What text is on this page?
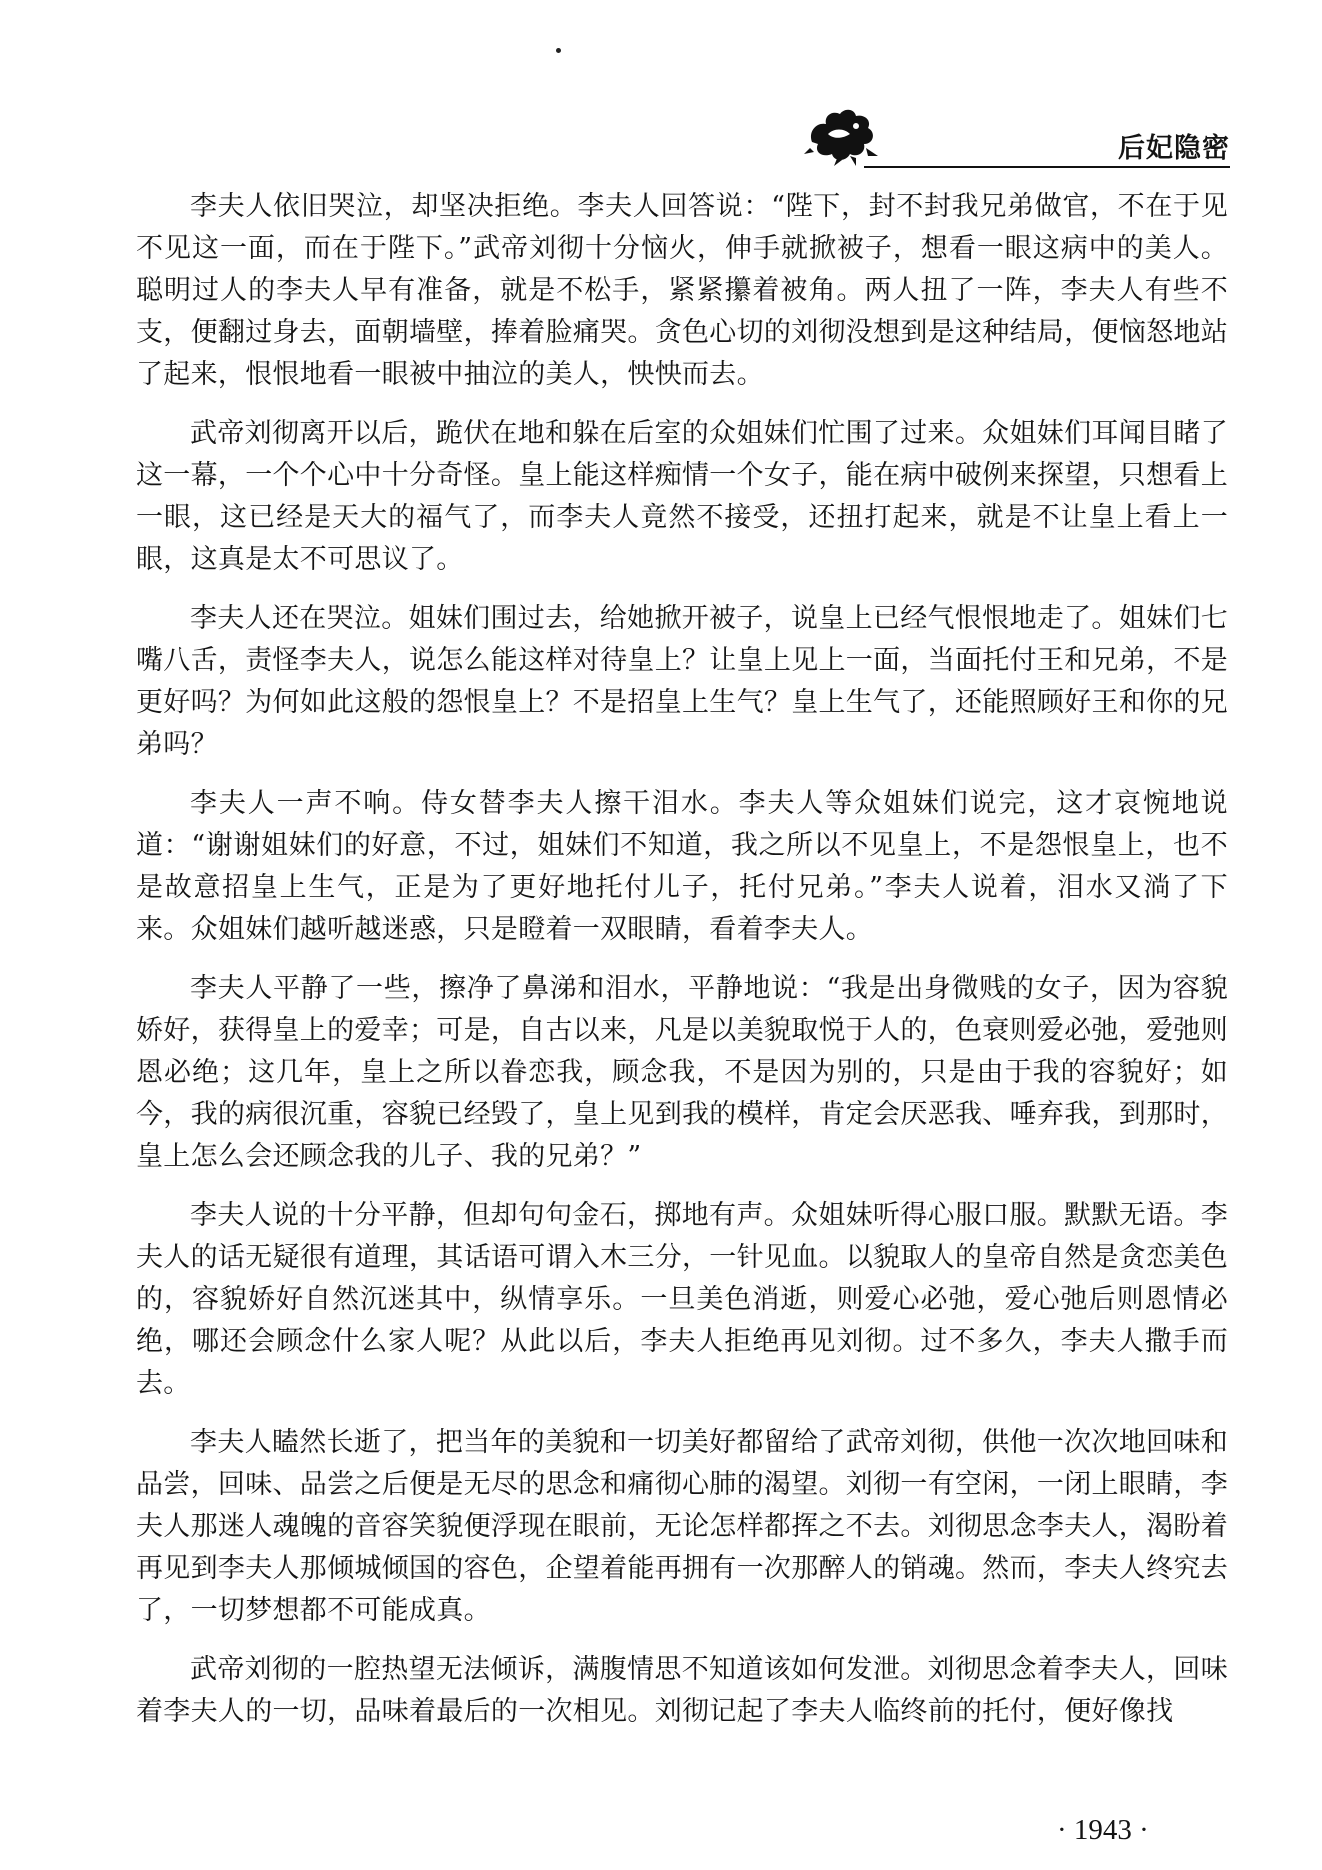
后妃隐密

李夫人依旧哭泣，却坚决拒绝。李夫人回答说：“陛下，封不封我兄弟做官，不在于见不见这一面，而在于陛下。”武帝刘彻十分恼火，伸手就掀被子，想看一眼这病中的美人。聪明过人的李夫人早有准备，就是不松手，紧紧攥着被角。两人扭了一阵，李夫人有些不支，便翻过身去，面朝墙壁，捧着脸痛哭。贪色心切的刘彻没想到是这种结局，便恼怒地站了起来，恨恨地看一眼被中抽泣的美人，怏怏而去。

武帝刘彻离开以后，跪伏在地和躲在后室的众姐妹们忙围了过来。众姐妹们耳闻目睹了这一幕，一个个心中十分奇怪。皇上能这样痴情一个女子，能在病中破例来探望，只想看上一眼，这已经是天大的福气了，而李夫人竟然不接受，还扭打起来，就是不让皇上看上一眼，这真是太不可思议了。

李夫人还在哭泣。姐妹们围过去，给她掀开被子，说皇上已经气恨恨地走了。姐妹们七嘴八舌，责怪李夫人，说怎么能这样对待皇上？让皇上见上一面，当面托付王和兄弟，不是更好吗？为何如此这般的怨恨皇上？不是招皇上生气？皇上生气了，还能照顾好王和你的兄弟吗？

李夫人一声不响。侍女替李夫人擦干泪水。李夫人等众姐妹们说完，这才哀惋地说道：“谢谢姐妹们的好意，不过，姐妹们不知道，我之所以不见皇上，不是怨恨皇上，也不是故意招皇上生气，正是为了更好地托付儿子，托付兄弟。”李夫人说着，泪水又淌了下来。众姐妹们越听越迷惑，只是瞪着一双眼睛，看着李夫人。

李夫人平静了一些，擦净了鼻涕和泪水，平静地说：“我是出身微贱的女子，因为容貌娇好，获得皇上的爱幸；可是，自古以来，凡是以美貌取悦于人的，色衰则爱必弛，爱弛则恩必绝；这几年，皇上之所以眷恋我，顾念我，不是因为别的，只是由于我的容貌好；如今，我的病很沉重，容貌已经毁了，皇上见到我的模样，肯定会厌恶我、唾弃我，到那时，皇上怎么会还顾念我的儿子、我的兄弟？”

李夫人说的十分平静，但却句句金石，掷地有声。众姐妹听得心服口服。默默无语。李夫人的话无疑很有道理，其话语可谓入木三分，一针见血。以貌取人的皇帝自然是贪恋美色的，容貌娇好自然沉迷其中，纵情享乐。一旦美色消逝，则爱心必弛，爱心弛后则恩情必绝，哪还会顾念什么家人呢？从此以后，李夫人拒绝再见刘彻。过不多久，李夫人撒手而去。

李夫人瞌然长逝了，把当年的美貌和一切美好都留给了武帝刘彻，供他一次次地回味和品尝，回味、品尝之后便是无尽的思念和痛彻心肺的渴望。刘彻一有空闲，一闭上眼睛，李夫人那迷人魂魄的音容笑貌便浮现在眼前，无论怎样都挥之不去。刘彻思念李夫人，渴盼着再见到李夫人那倾城倾国的容色，企望着能再拥有一次那醉人的销魂。然而，李夫人终究去了，一切梦想都不可能成真。

武帝刘彻的一腔热望无法倾诉，满腹情思不知道该如何发泄。刘彻思念着李夫人，回味着李夫人的一切，品味着最后的一次相见。刘彻记起了李夫人临终前的托付，便好像找

· 1943 ·
